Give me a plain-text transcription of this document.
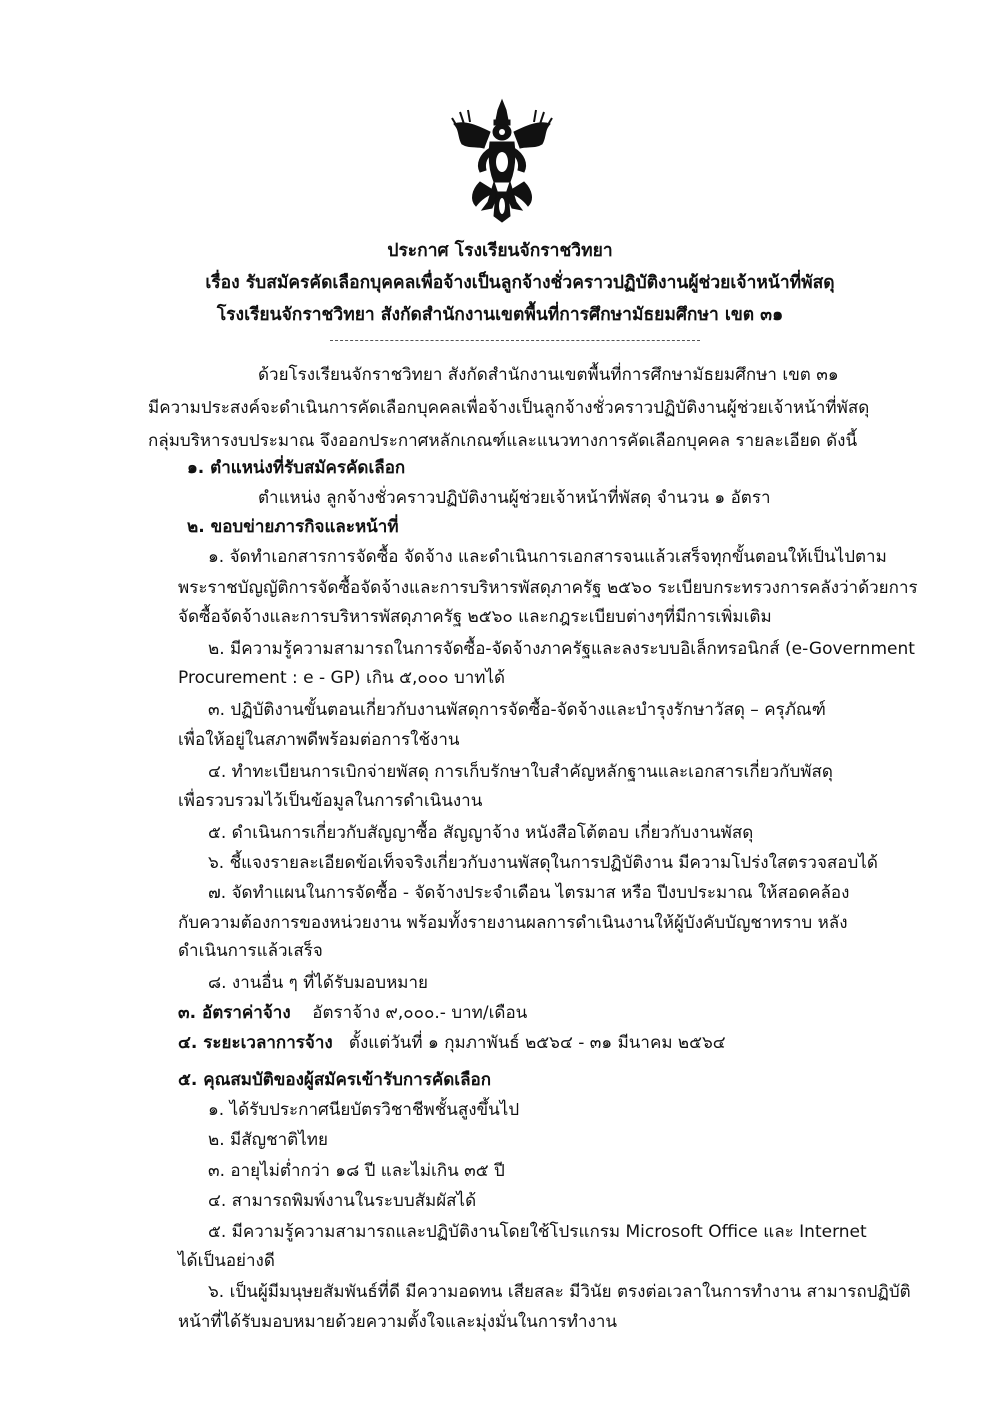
ประกาศ โรงเรียนจักราชวิทยา
เรื่อง รับสมัครคัดเลือกบุคคลเพื่อจ้างเป็นลูกจ้างชั่วคราวปฏิบัติงานผู้ช่วยเจ้าหน้าที่พัสดุ
โรงเรียนจักราชวิทยา สังกัดสำนักงานเขตพื้นที่การศึกษามัธยมศึกษา เขต ๓๑
ด้วยโรงเรียนจักราชวิทยา สังกัดสำนักงานเขตพื้นที่การศึกษามัธยมศึกษา เขต ๓๑
มีความประสงค์จะดำเนินการคัดเลือกบุคคลเพื่อจ้างเป็นลูกจ้างชั่วคราวปฏิบัติงานผู้ช่วยเจ้าหน้าที่พัสดุ
กลุ่มบริหารงบประมาณ จึงออกประกาศหลักเกณฑ์และแนวทางการคัดเลือกบุคคล รายละเอียด ดังนี้
๑. ตำแหน่งที่รับสมัครคัดเลือก
ตำแหน่ง ลูกจ้างชั่วคราวปฏิบัติงานผู้ช่วยเจ้าหน้าที่พัสดุ จำนวน ๑ อัตรา
๒. ขอบข่ายภารกิจและหน้าที่
๑. จัดทำเอกสารการจัดซื้อ จัดจ้าง และดำเนินการเอกสารจนแล้วเสร็จทุกขั้นตอนให้เป็นไปตาม
พระราชบัญญัติการจัดซื้อจัดจ้างและการบริหารพัสดุภาครัฐ ๒๕๖๐ ระเบียบกระทรวงการคลังว่าด้วยการ
จัดซื้อจัดจ้างและการบริหารพัสดุภาครัฐ ๒๕๖๐ และกฎระเบียบต่างๆที่มีการเพิ่มเติม
๒. มีความรู้ความสามารถในการจัดซื้อ-จัดจ้างภาครัฐและลงระบบอิเล็กทรอนิกส์ (e-Government
Procurement : e - GP) เกิน ๕,๐๐๐ บาทได้
๓. ปฏิบัติงานขั้นตอนเกี่ยวกับงานพัสดุการจัดซื้อ-จัดจ้างและบำรุงรักษาวัสดุ – ครุภัณฑ์
เพื่อให้อยู่ในสภาพดีพร้อมต่อการใช้งาน
๔. ทำทะเบียนการเบิกจ่ายพัสดุ การเก็บรักษาใบสำคัญหลักฐานและเอกสารเกี่ยวกับพัสดุ
เพื่อรวบรวมไว้เป็นข้อมูลในการดำเนินงาน
๕. ดำเนินการเกี่ยวกับสัญญาซื้อ สัญญาจ้าง หนังสือโต้ตอบ เกี่ยวกับงานพัสดุ
๖. ชี้แจงรายละเอียดข้อเท็จจริงเกี่ยวกับงานพัสดุในการปฏิบัติงาน มีความโปร่งใสตรวจสอบได้
๗. จัดทำแผนในการจัดซื้อ - จัดจ้างประจำเดือน ไตรมาส หรือ ปีงบประมาณ ให้สอดคล้อง
กับความต้องการของหน่วยงาน พร้อมทั้งรายงานผลการดำเนินงานให้ผู้บังคับบัญชาทราบ หลัง
ดำเนินการแล้วเสร็จ
๘. งานอื่น ๆ ที่ได้รับมอบหมาย
๓. อัตราค่าจ้าง อัตราจ้าง ๙,๐๐๐.- บาท/เดือน
๔. ระยะเวลาการจ้าง ตั้งแต่วันที่ ๑ กุมภาพันธ์ ๒๕๖๔ - ๓๑ มีนาคม ๒๕๖๔
๕. คุณสมบัติของผู้สมัครเข้ารับการคัดเลือก
๑. ได้รับประกาศนียบัตรวิชาชีพชั้นสูงขึ้นไป
๒. มีสัญชาติไทย
๓. อายุไม่ต่ำกว่า ๑๘ ปี และไม่เกิน ๓๕ ปี
๔. สามารถพิมพ์งานในระบบสัมผัสได้
๕. มีความรู้ความสามารถและปฏิบัติงานโดยใช้โปรแกรม Microsoft Office และ Internet
ได้เป็นอย่างดี
๖. เป็นผู้มีมนุษยสัมพันธ์ที่ดี มีความอดทน เสียสละ มีวินัย ตรงต่อเวลาในการทำงาน สามารถปฏิบัติ
หน้าที่ได้รับมอบหมายด้วยความตั้งใจและมุ่งมั่นในการทำงาน
